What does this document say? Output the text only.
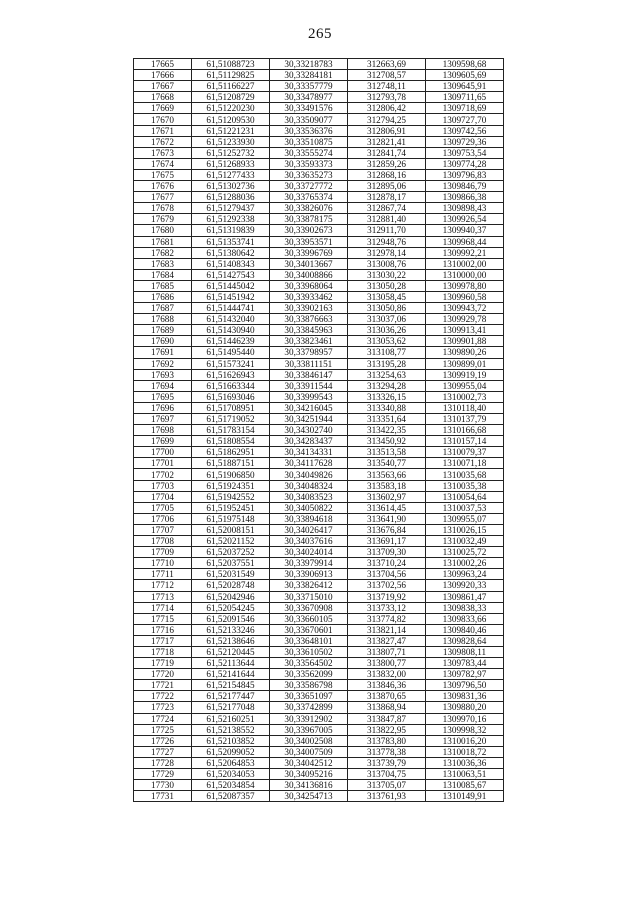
265
17665	61,51088723	30,33218783	312663,69	1309598,68
17666	61,51129825	30,33284181	312708,57	1309605,69
17667	61,51166227	30,33357779	312748,11	1309645,91
17668	61,51208729	30,33478977	312793,78	1309711,65
17669	61,51220230	30,33491576	312806,42	1309718,69
17670	61,51209530	30,33509077	312794,25	1309727,70
17671	61,51221231	30,33536376	312806,91	1309742,56
17672	61,51233930	30,33510875	312821,41	1309729,36
17673	61,51252732	30,33555274	312841,74	1309753,54
17674	61,51268933	30,33593373	312859,26	1309774,28
17675	61,51277433	30,33635273	312868,16	1309796,83
17676	61,51302736	30,33727772	312895,06	1309846,79
17677	61,51288036	30,33765374	312878,17	1309866,38
17678	61,51279437	30,33826076	312867,74	1309898,43
17679	61,51292338	30,33878175	312881,40	1309926,54
17680	61,51319839	30,33902673	312911,70	1309940,37
17681	61,51353741	30,33953571	312948,76	1309968,44
17682	61,51380642	30,33996769	312978,14	1309992,21
17683	61,51408343	30,34013667	313008,76	1310002,00
17684	61,51427543	30,34008866	313030,22	1310000,00
17685	61,51445042	30,33968064	313050,28	1309978,80
17686	61,51451942	30,33933462	313058,45	1309960,58
17687	61,51444741	30,33902163	313050,86	1309943,72
17688	61,51432040	30,33876663	313037,06	1309929,78
17689	61,51430940	30,33845963	313036,26	1309913,41
17690	61,51446239	30,33823461	313053,62	1309901,88
17691	61,51495440	30,33798957	313108,77	1309890,26
17692	61,51573241	30,33811151	313195,28	1309899,01
17693	61,51626943	30,33846147	313254,63	1309919,19
17694	61,51663344	30,33911544	313294,28	1309955,04
17695	61,51693046	30,33999543	313326,15	1310002,73
17696	61,51708951	30,34216045	313340,88	1310118,40
17697	61,51719052	30,34251944	313351,64	1310137,79
17698	61,51783154	30,34302740	313422,35	1310166,68
17699	61,51808554	30,34283437	313450,92	1310157,14
17700	61,51862951	30,34134331	313513,58	1310079,37
17701	61,51887151	30,34117628	313540,77	1310071,18
17702	61,51906850	30,34049826	313563,66	1310035,68
17703	61,51924351	30,34048324	313583,18	1310035,38
17704	61,51942552	30,34083523	313602,97	1310054,64
17705	61,51952451	30,34050822	313614,45	1310037,53
17706	61,51975148	30,33894618	313641,90	1309955,07
17707	61,52008151	30,34026417	313676,84	1310026,15
17708	61,52021152	30,34037616	313691,17	1310032,49
17709	61,52037252	30,34024014	313709,30	1310025,72
17710	61,52037551	30,33979914	313710,24	1310002,26
17711	61,52031549	30,33906913	313704,56	1309963,24
17712	61,52028748	30,33826412	313702,56	1309920,33
17713	61,52042946	30,33715010	313719,92	1309861,47
17714	61,52054245	30,33670908	313733,12	1309838,33
17715	61,52091546	30,33660105	313774,82	1309833,66
17716	61,52133246	30,33670601	313821,14	1309840,46
17717	61,52138646	30,33648101	313827,47	1309828,64
17718	61,52120445	30,33610502	313807,71	1309808,11
17719	61,52113644	30,33564502	313800,77	1309783,44
17720	61,52141644	30,33562099	313832,00	1309782,97
17721	61,52154845	30,33586798	313846,36	1309796,50
17722	61,52177447	30,33651097	313870,65	1309831,36
17723	61,52177048	30,33742899	313868,94	1309880,20
17724	61,52160251	30,33912902	313847,87	1309970,16
17725	61,52138552	30,33967005	313822,95	1309998,32
17726	61,52103852	30,34002508	313783,80	1310016,20
17727	61,52099052	30,34007509	313778,38	1310018,72
17728	61,52064853	30,34042512	313739,79	1310036,36
17729	61,52034053	30,34095216	313704,75	1310063,51
17730	61,52034854	30,34136816	313705,07	1310085,67
17731	61,52087357	30,34254713	313761,93	1310149,91
